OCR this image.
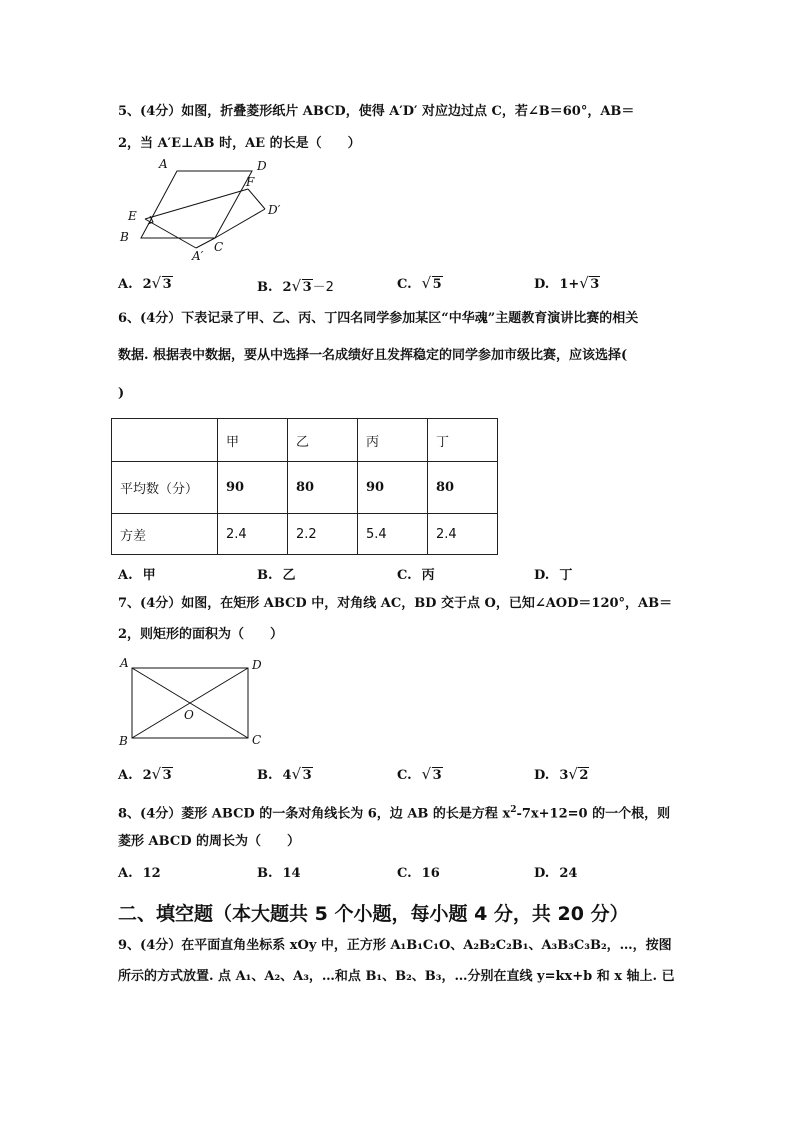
5、(4分）如图，折叠菱形纸片 ABCD，使得 A′D′ 对应边过点 C，若∠B＝60°，AB＝
2，当 A′E⊥AB 时，AE 的长是（　　）
A	D
F
D′
E
B
C
A′
A. 2 √ 3	B. 2 √ 3－2	C. √ 5	D. 1+ √ 3
6、(4分）下表记录了甲、乙、丙、丁四名同学参加某区“中华魂”主题教育演讲比赛的相关
数据. 根据表中数据，要从中选择一名成绩好且发挥稳定的同学参加市级比赛，应该选择(
)
	甲	乙	丙	丁
平均数（分）	90	80	90	80
方差	2.4	2.2	5.4	2.4
A. 甲	B. 乙	C. 丙	D. 丁
7、(4分）如图，在矩形 ABCD 中，对角线 AC，BD 交于点 O，已知∠AOD＝120°，AB＝
2，则矩形的面积为（　　）
A	D
O
B	C
A. 2 √ 3	B. 4 √ 3	C. √ 3	D. 3 √ 2
8、(4分）菱形 ABCD 的一条对角线长为 6，边 AB 的长是方程 $x^2-7x+12=0$ 的一个根，则
菱形 ABCD 的周长为（　　）
A. 12	B. 14	C. 16	D. 24
二、填空题（本大题共 5 个小题，每小题 4 分，共 20 分）
9、(4分）在平面直角坐标系 xOy 中，正方形 A₁B₁C₁O、A₂B₂C₂B₁、A₃B₃C₃B₂，…，按图
所示的方式放置. 点 A₁、A₂、A₃，…和点 B₁、B₂、B₃，…分别在直线 y=kx+b 和 x 轴上. 已
